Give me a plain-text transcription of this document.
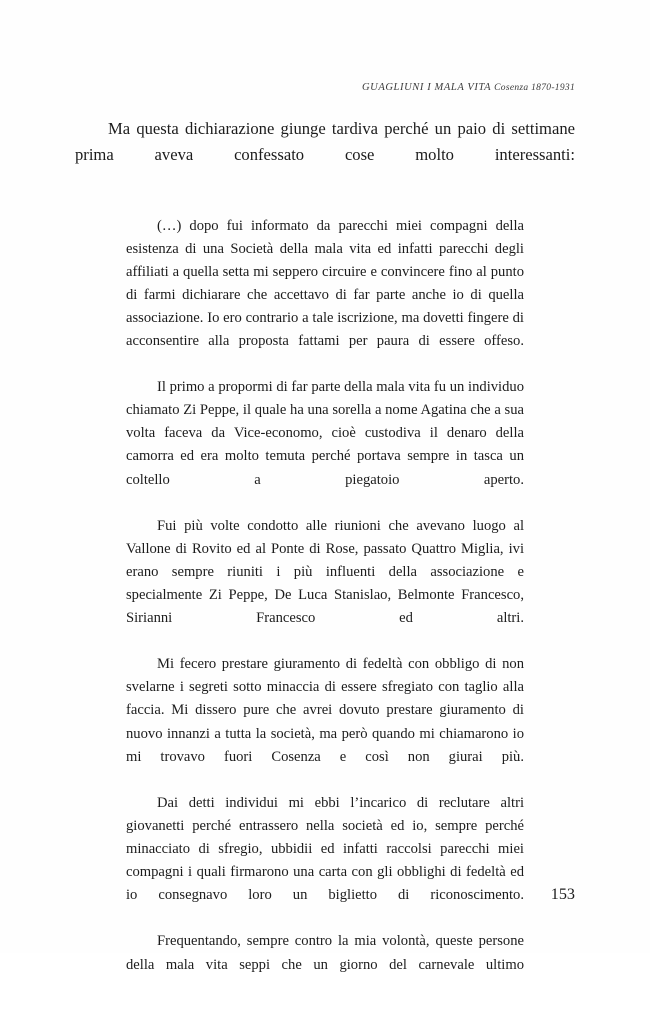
GUAGLIUNI I MALA VITA Cosenza 1870-1931

Ma questa dichiarazione giunge tardiva perché un paio di settimane prima aveva confessato cose molto interessanti:

(…) dopo fui informato da parecchi miei compagni della esistenza di una Società della mala vita ed infatti parecchi degli affiliati a quella setta mi seppero circuire e convincere fino al punto di farmi dichiarare che accettavo di far parte anche io di quella associazione. Io ero contrario a tale iscrizione, ma dovetti fingere di acconsentire alla proposta fattami per paura di essere offeso.

Il primo a propormi di far parte della mala vita fu un individuo chiamato Zi Peppe, il quale ha una sorella a nome Agatina che a sua volta faceva da Vice-economo, cioè custodiva il denaro della camorra ed era molto temuta perché portava sempre in tasca un coltello a piegatoio aperto.

Fui più volte condotto alle riunioni che avevano luogo al Vallone di Rovito ed al Ponte di Rose, passato Quattro Miglia, ivi erano sempre riuniti i più influenti della associazione e specialmente Zi Peppe, De Luca Stanislao, Belmonte Francesco, Sirianni Francesco ed altri.

Mi fecero prestare giuramento di fedeltà con obbligo di non svelarne i segreti sotto minaccia di essere sfregiato con taglio alla faccia. Mi dissero pure che avrei dovuto prestare giuramento di nuovo innanzi a tutta la società, ma però quando mi chiamarono io mi trovavo fuori Cosenza e così non giurai più.

Dai detti individui mi ebbi l’incarico di reclutare altri giovanetti perché entrassero nella società ed io, sempre perché minacciato di sfregio, ubbidii ed infatti raccolsi parecchi miei compagni i quali firmarono una carta con gli obblighi di fedeltà ed io consegnavo loro un biglietto di riconoscimento.

Frequentando, sempre contro la mia volontà, queste persone della mala vita seppi che un giorno del carnevale ultimo

153
